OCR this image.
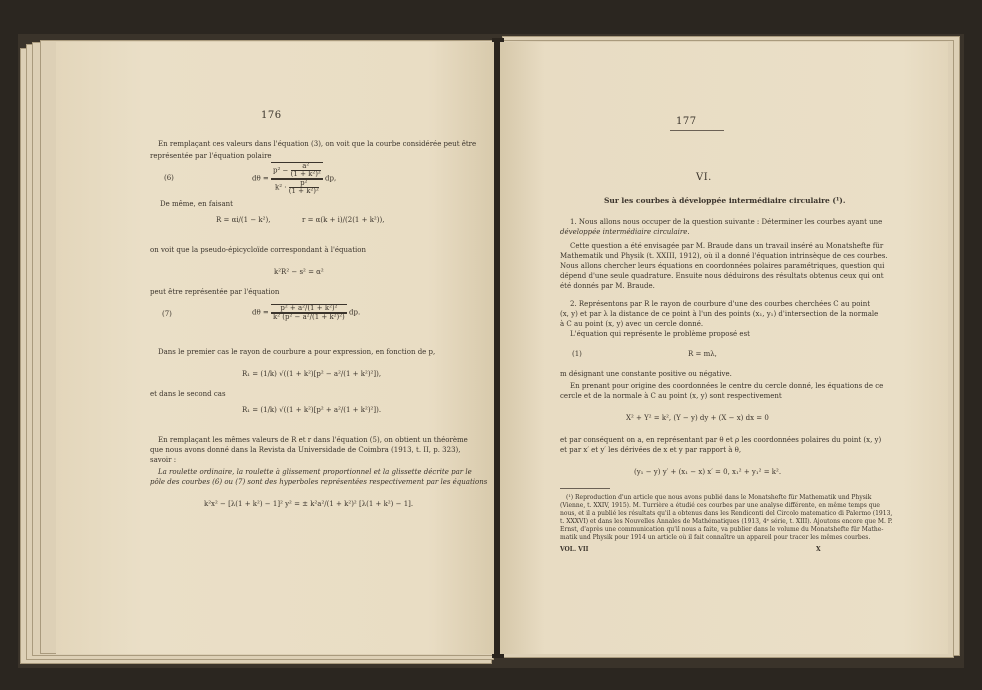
176
En remplaçant ces valeurs dans l'équation (3), on voit que la courbe considérée peut être
représentée par l'équation polaire
(6)	$d\theta = \frac{p^2 - \frac{\text{a²}}{\text{(1 + k²)²}}}{k^2 \cdot \frac{\text{p²}}{\text{(1 + k²)²}}}$ dp,
De même, en faisant
R = αi/(1 − k²),	r = α(k + i)/(2(1 + k²)),
on voit que la pseudo-épicycloïde correspondant à l'équation
k²R² − s² = α²
peut être représentée par l'équation
(7)	$d\theta = \frac{\text{p² + a²/(1 + k²)²}}{\text{k² (p² − a²/(1 + k²)²)}}$ dp.
Dans le premier cas le rayon de courbure a pour expression, en fonction de p,
R₁ = (1/k) √((1 + k²)[p² − a²/(1 + k²)²]),
et dans le second cas
R₁ = (1/k) √((1 + k²)[p² + a²/(1 + k²)²]).
En remplaçant les mêmes valeurs de R et r dans l'équation (5), on obtient un théorème
que nous avons donné dans la Revista da Universidade de Coimbra (1913, t. II, p. 323),
savoir :
La roulette ordinaire, la roulette à glissement proportionnel et la glissette décrite par le
pôle des courbes (6) ou (7) sont des hyperboles représentées respectivement par les équations
k²x² − [λ(1 + k²) − 1]² y² = ± k²a²/(1 + k²)² [λ(1 + k²) − 1].
177
VI.
Sur les courbes à développée intermédiaire circulaire (¹).
1. Nous allons nous occuper de la question suivante : Déterminer les courbes ayant une
développée intermédiaire circulaire.
Cette question a été envisagée par M. Braude dans un travail inséré au Monatshefte für
Mathematik und Physik (t. XXIII, 1912), où il a donné l'équation intrinsèque de ces courbes.
Nous allons chercher leurs équations en coordonnées polaires paramétriques, question qui
dépend d'une seule quadrature. Ensuite nous déduirons des résultats obtenus ceux qui ont
été donnés par M. Braude.
2. Représentons par R le rayon de courbure d'une des courbes cherchées C au point
(x, y) et par λ la distance de ce point à l'un des points (x₁, y₁) d'intersection de la normale
à C au point (x, y) avec un cercle donné.
L'équation qui représente le problème proposé est
(1)	R = mλ,
m désignant une constante positive ou négative.
En prenant pour origine des coordonnées le centre du cercle donné, les équations de ce
cercle et de la normale à C au point (x, y) sont respectivement
X² + Y² = k², (Y − y) dy + (X − x) dx = 0
et par conséquent on a, en représentant par θ et ρ les coordonnées polaires du point (x, y)
et par x′ et y′ les dérivées de x et y par rapport à θ,
(y₁ − y) y′ + (x₁ − x) x′ = 0, x₁² + y₁² = k².
(¹) Reproduction d'un article que nous avons publié dans le Monatshefte für Mathematik und Physik
(Vienne, t. XXIV, 1915). M. Turrière a étudié ces courbes par une analyse différente, en même temps que
nous, et il a publié les résultats qu'il a obtenus dans les Rendiconti del Circolo matematico di Palermo (1913,
t. XXXVI) et dans les Nouvelles Annales de Mathématiques (1913, 4ᵉ série, t. XIII). Ajoutons encore que M. P.
Ernst, d'après une communication qu'il nous a faite, va publier dans le volume du Monatshefte für Mathe-
matik und Physik pour 1914 un article où il fait connaître un appareil pour tracer les mêmes courbes.
VOL. VII	X
